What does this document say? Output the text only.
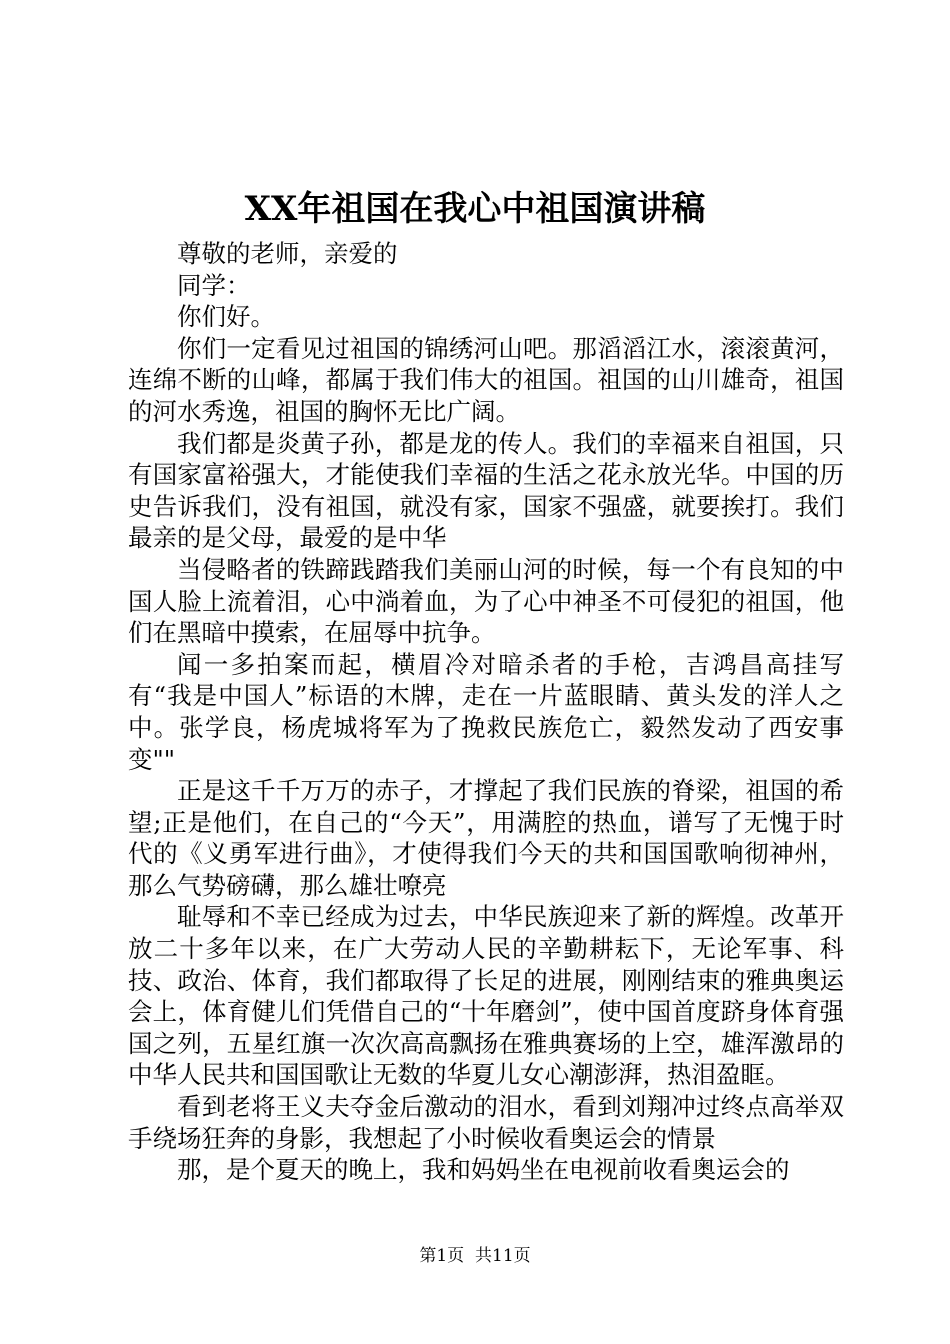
XX年祖国在我心中祖国演讲稿

尊敬的老师，亲爱的

同学：

你们好。

你们一定看见过祖国的锦绣河山吧。那滔滔江水，滚滚黄河，连绵不断的山峰，都属于我们伟大的祖国。祖国的山川雄奇，祖国的河水秀逸，祖国的胸怀无比广阔。

我们都是炎黄子孙，都是龙的传人。我们的幸福来自祖国，只有国家富裕强大，才能使我们幸福的生活之花永放光华。中国的历史告诉我们，没有祖国，就没有家，国家不强盛，就要挨打。我们最亲的是父母，最爱的是中华

当侵略者的铁蹄践踏我们美丽山河的时候，每一个有良知的中国人脸上流着泪，心中淌着血，为了心中神圣不可侵犯的祖国，他们在黑暗中摸索，在屈辱中抗争。

闻一多拍案而起，横眉冷对暗杀者的手枪，吉鸿昌高挂写有“我是中国人”标语的木牌，走在一片蓝眼睛、黄头发的洋人之中。张学良，杨虎城将军为了挽救民族危亡，毅然发动了西安事变""

正是这千千万万的赤子，才撑起了我们民族的脊梁，祖国的希望;正是他们，在自己的“今天”，用满腔的热血，谱写了无愧于时代的《义勇军进行曲》，才使得我们今天的共和国国歌响彻神州，那么气势磅礴，那么雄壮嘹亮

耻辱和不幸已经成为过去，中华民族迎来了新的辉煌。改革开放二十多年以来，在广大劳动人民的辛勤耕耘下，无论军事、科技、政治、体育，我们都取得了长足的进展，刚刚结束的雅典奥运会上，体育健儿们凭借自己的“十年磨剑”，使中国首度跻身体育强国之列，五星红旗一次次高高飘扬在雅典赛场的上空，雄浑激昂的中华人民共和国国歌让无数的华夏儿女心潮澎湃，热泪盈眶。

看到老将王义夫夺金后激动的泪水，看到刘翔冲过终点高举双手绕场狂奔的身影，我想起了小时候收看奥运会的情景

那，是个夏天的晚上，我和妈妈坐在电视前收看奥运会的

第1页 共11页
